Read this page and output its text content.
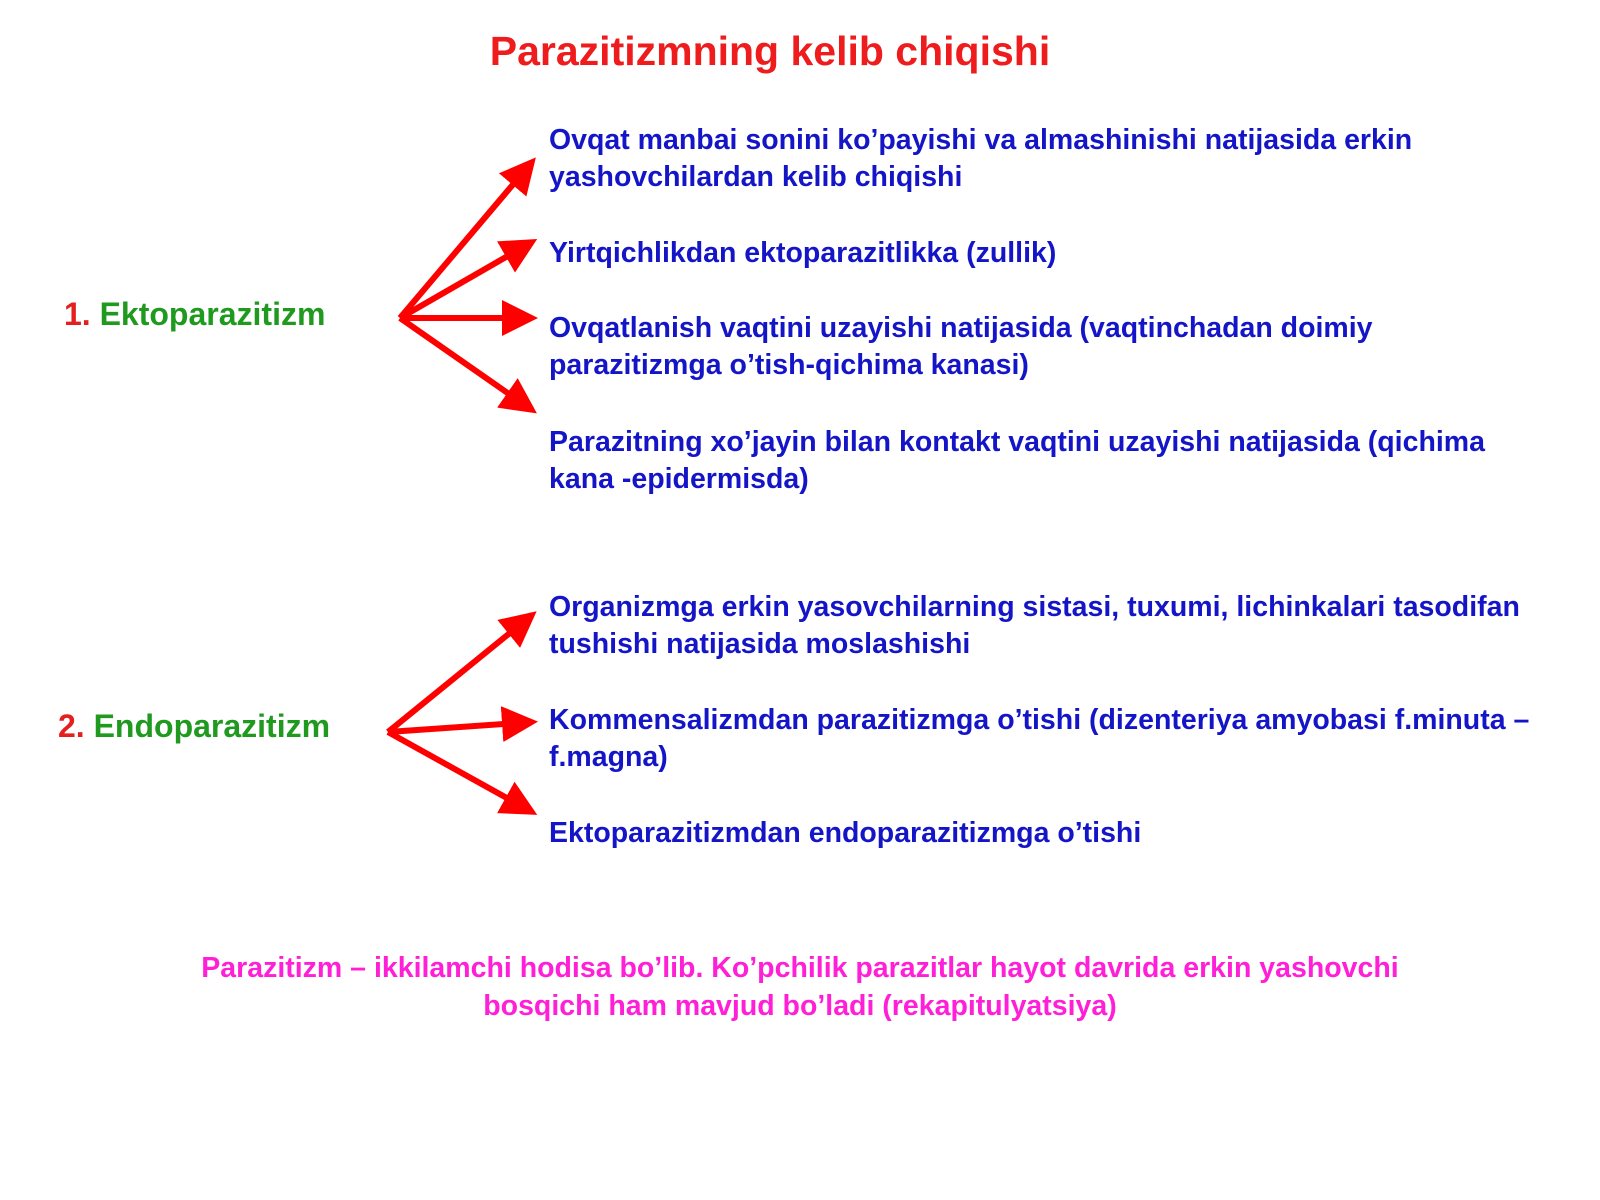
Parazitizmning kelib chiqishi
1. Ektoparazitizm
2. Endoparazitizm
Ovqat manbai sonini ko’payishi va almashinishi natijasida erkin yashovchilardan kelib chiqishi
Yirtqichlikdan ektoparazitlikka (zullik)
Ovqatlanish vaqtini uzayishi natijasida (vaqtinchadan doimiy parazitizmga o’tish-qichima kanasi)
Parazitning xo’jayin bilan kontakt vaqtini uzayishi natijasida (qichima kana -epidermisda)
Organizmga erkin yasovchilarning sistasi, tuxumi, lichinkalari tasodifan tushishi natijasida moslashishi
Kommensalizmdan parazitizmga o’tishi (dizenteriya amyobasi f.minuta – f.magna)
Ektoparazitizmdan endoparazitizmga o’tishi
Parazitizm – ikkilamchi hodisa bo’lib. Ko’pchilik parazitlar hayot davrida erkin yashovchi bosqichi ham mavjud bo’ladi (rekapitulyatsiya)
